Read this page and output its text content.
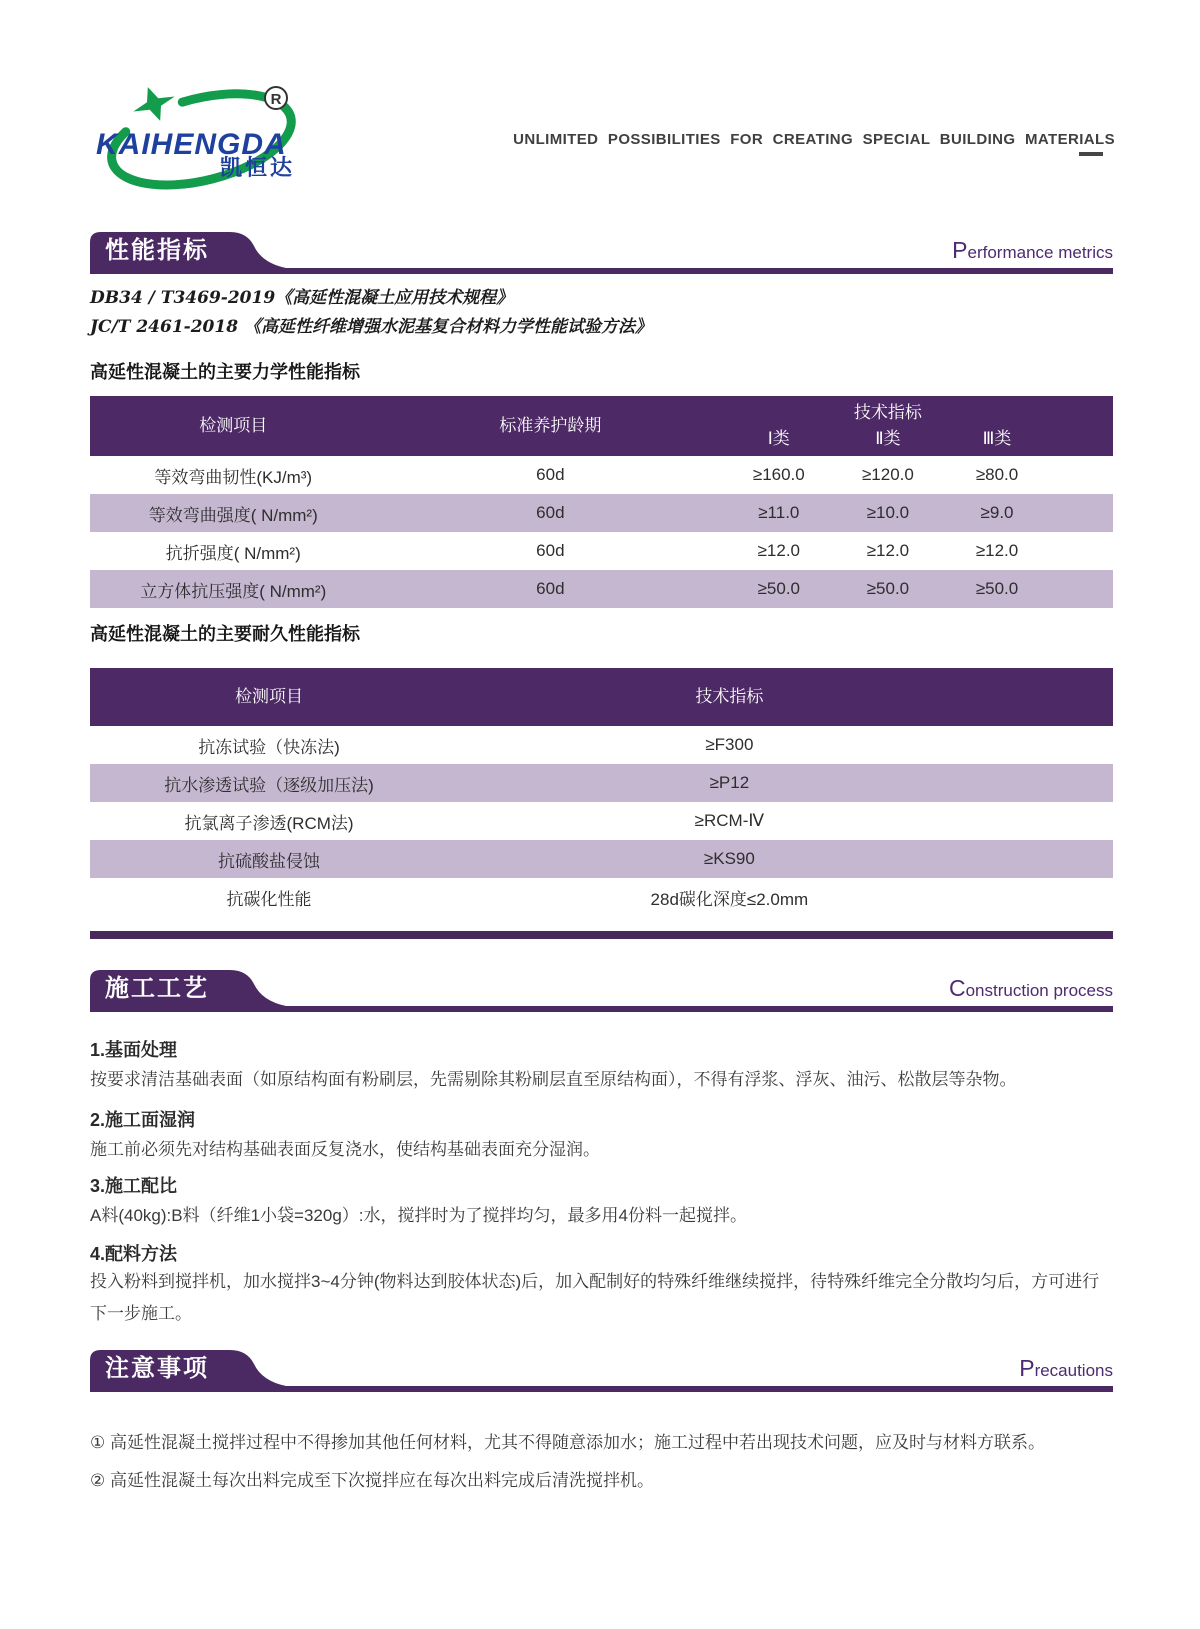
KAIHENGDA
R
凯恒达
UNLIMITED POSSIBILITIES FOR CREATING SPECIAL BUILDING MATERIALS
性能指标	Performance metrics
DB34 / T3469-2019《高延性混凝土应用技术规程》
JC/T 2461-2018 《高延性纤维增强水泥基复合材料力学性能试验方法》
高延性混凝土的主要力学性能指标
检测项目	标准养护龄期
技术指标
Ⅰ类	Ⅱ类	Ⅲ类
等效弯曲韧性(KJ/m³)	60d	≥160.0	≥120.0	≥80.0
等效弯曲强度( N/mm²)	60d	≥11.0	≥10.0	≥9.0
抗折强度( N/mm²)	60d	≥12.0	≥12.0	≥12.0
立方体抗压强度( N/mm²)	60d	≥50.0	≥50.0	≥50.0
高延性混凝土的主要耐久性能指标
检测项目	技术指标
抗冻试验（快冻法)	≥F300
抗水渗透试验（逐级加压法)	≥P12
抗氯离子渗透(RCM法)	≥RCM-Ⅳ
抗硫酸盐侵蚀	≥KS90
抗碳化性能	28d碳化深度≤2.0mm
施工工艺	Construction process
1.基面处理
按要求清洁基础表面（如原结构面有粉刷层，先需剔除其粉刷层直至原结构面），不得有浮浆、浮灰、油污、松散层等杂物。
2.施工面湿润
施工前必须先对结构基础表面反复浇水，使结构基础表面充分湿润。
3.施工配比
A料(40kg):B料（纤维1小袋=320g）:水，搅拌时为了搅拌均匀，最多用4份料一起搅拌。
4.配料方法
投入粉料到搅拌机，加水搅拌3~4分钟(物料达到胶体状态)后，加入配制好的特殊纤维继续搅拌，待特殊纤维完全分散均匀后，方可进行下一步施工。
注意事项	Precautions
① 高延性混凝土搅拌过程中不得掺加其他任何材料，尤其不得随意添加水；施工过程中若出现技术问题，应及时与材料方联系。
② 高延性混凝土每次出料完成至下次搅拌应在每次出料完成后清洗搅拌机。
